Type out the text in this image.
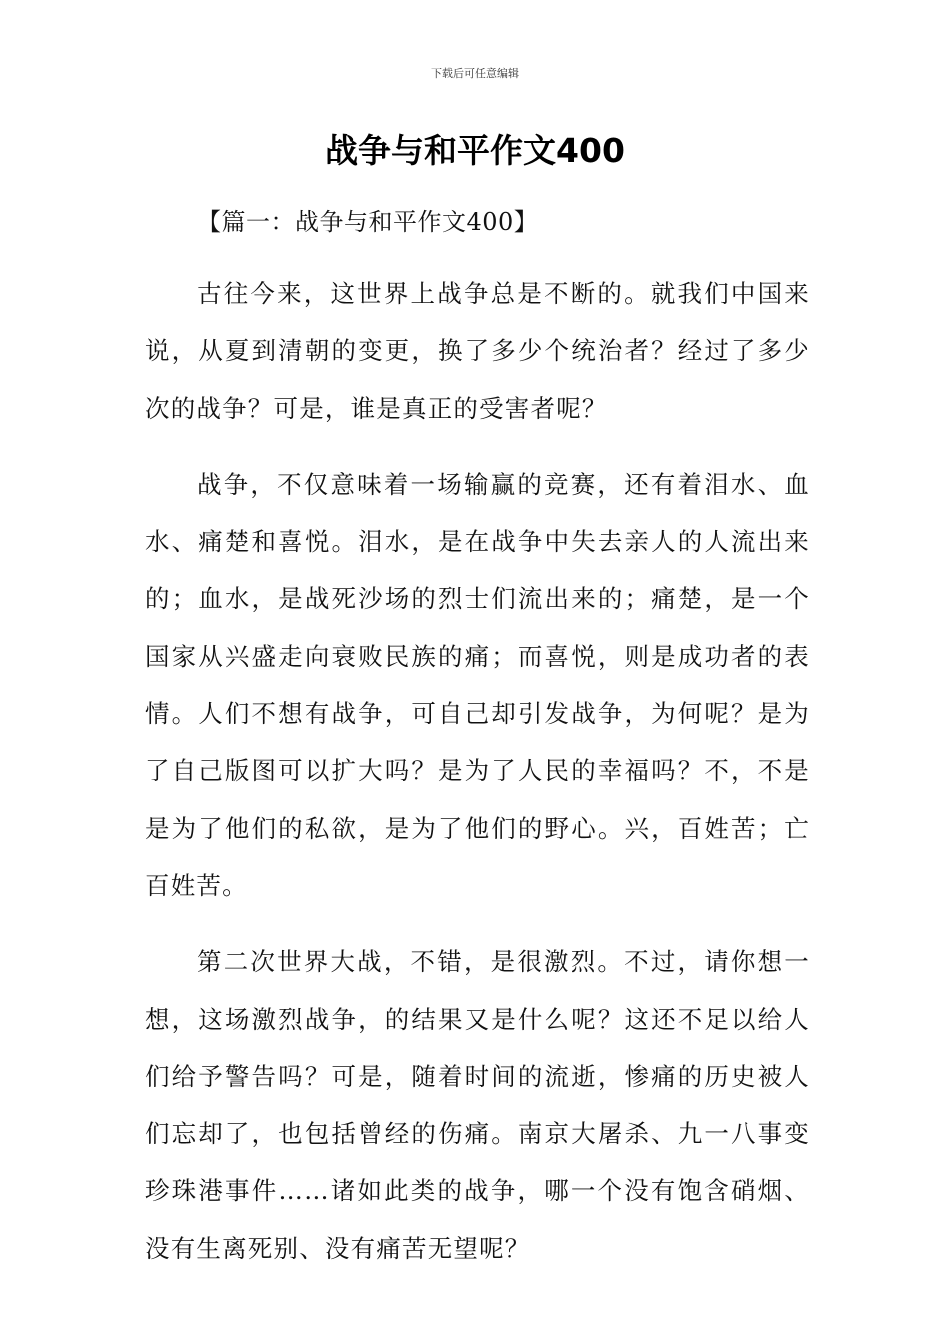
下载后可任意编辑
战争与和平作文400

【篇一：战争与和平作文400】

古往今来，这世界上战争总是不断的。就我们中国来说，从夏到清朝的变更，换了多少个统治者？经过了多少次的战争？可是，谁是真正的受害者呢？

战争，不仅意味着一场输赢的竞赛，还有着泪水、血水、痛楚和喜悦。泪水，是在战争中失去亲人的人流出来的；血水，是战死沙场的烈士们流出来的；痛楚，是一个国家从兴盛走向衰败民族的痛；而喜悦，则是成功者的表情。人们不想有战争，可自己却引发战争，为何呢？是为了自己版图可以扩大吗？是为了人民的幸福吗？不，不是是为了他们的私欲，是为了他们的野心。兴，百姓苦；亡百姓苦。

第二次世界大战，不错，是很激烈。不过，请你想一想，这场激烈战争，的结果又是什么呢？这还不足以给人们给予警告吗？可是，随着时间的流逝，惨痛的历史被人们忘却了，也包括曾经的伤痛。南京大屠杀、九一八事变珍珠港事件……诸如此类的战争，哪一个没有饱含硝烟、没有生离死别、没有痛苦无望呢？
